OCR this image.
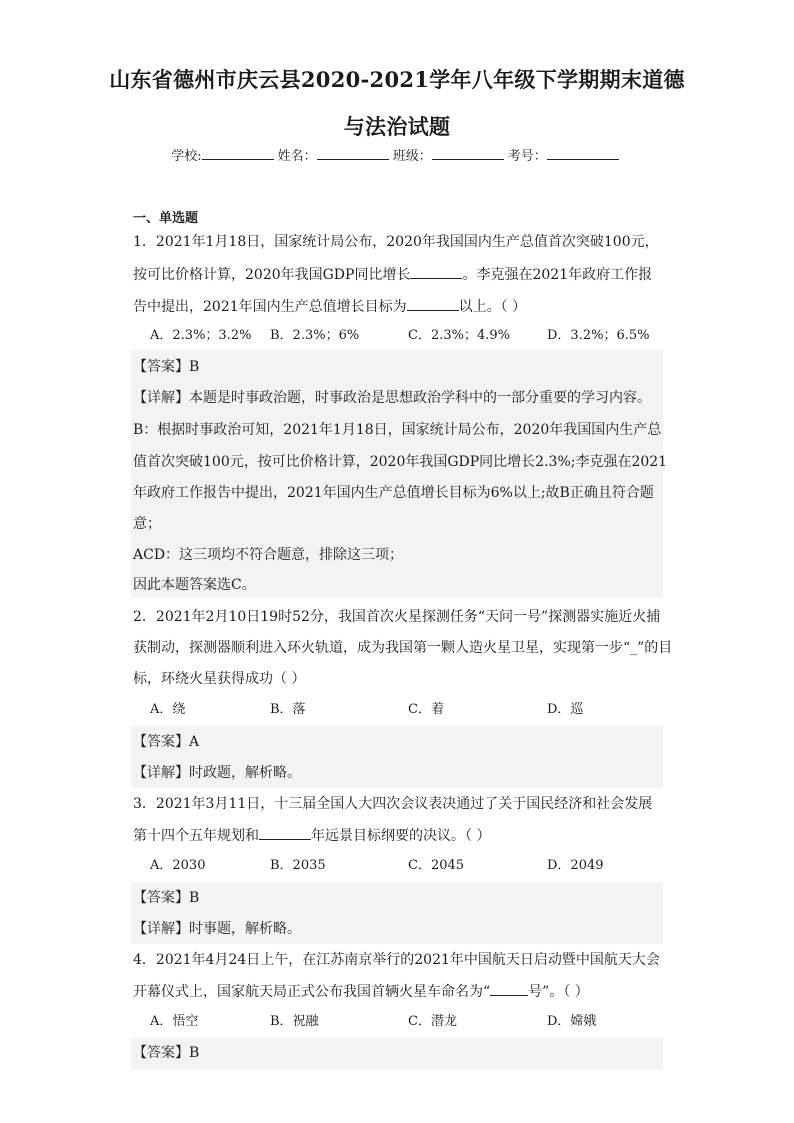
山东省德州市庆云县2020-2021学年八年级下学期期末道德
与法治试题
学校:	姓名：	班级：	考号：
一、单选题
1．2021年1月18日，国家统计局公布，2020年我国国内生产总值首次突破100元，
按可比价格计算，2020年我国GDP同比增长	。李克强在2021年政府工作报
告中提出，2021年国内生产总值增长目标为	以上。（ ）
A．2.3%；3.2% B．2.3%；6%	C．2.3%；4.9%	D．3.2%；6.5%
【答案】B
【详解】本题是时事政治题，时事政治是思想政治学科中的一部分重要的学习内容。
B：根据时事政治可知，2021年1月18日，国家统计局公布，2020年我国国内生产总
值首次突破100元，按可比价格计算，2020年我国GDP同比增长2.3%;李克强在2021
年政府工作报告中提出，2021年国内生产总值增长目标为6%以上;故B正确且符合题
意；
ACD：这三项均不符合题意，排除这三项；
因此本题答案选C。
2．2021年2月10日19时52分，我国首次火星探测任务“天问一号”探测器实施近火捕
获制动，探测器顺利进入环火轨道，成为我国第一颗人造火星卫星，实现第一步“_”的目
标，环绕火星获得成功（ ）
A．绕	B．落	C．着	D．巡
【答案】A
【详解】时政题，解析略。
3．2021年3月11日，十三届全国人大四次会议表决通过了关于国民经济和社会发展
第十四个五年规划和	年远景目标纲要的决议。（ ）
A．2030	B．2035	C．2045	D．2049
【答案】B
【详解】时事题，解析略。
4．2021年4月24日上午，在江苏南京举行的2021年中国航天日启动暨中国航天大会
开幕仪式上，国家航天局正式公布我国首辆火星车命名为“	号”。（ ）
A．悟空	B．祝融	C．潜龙	D．嫦娥
【答案】B
